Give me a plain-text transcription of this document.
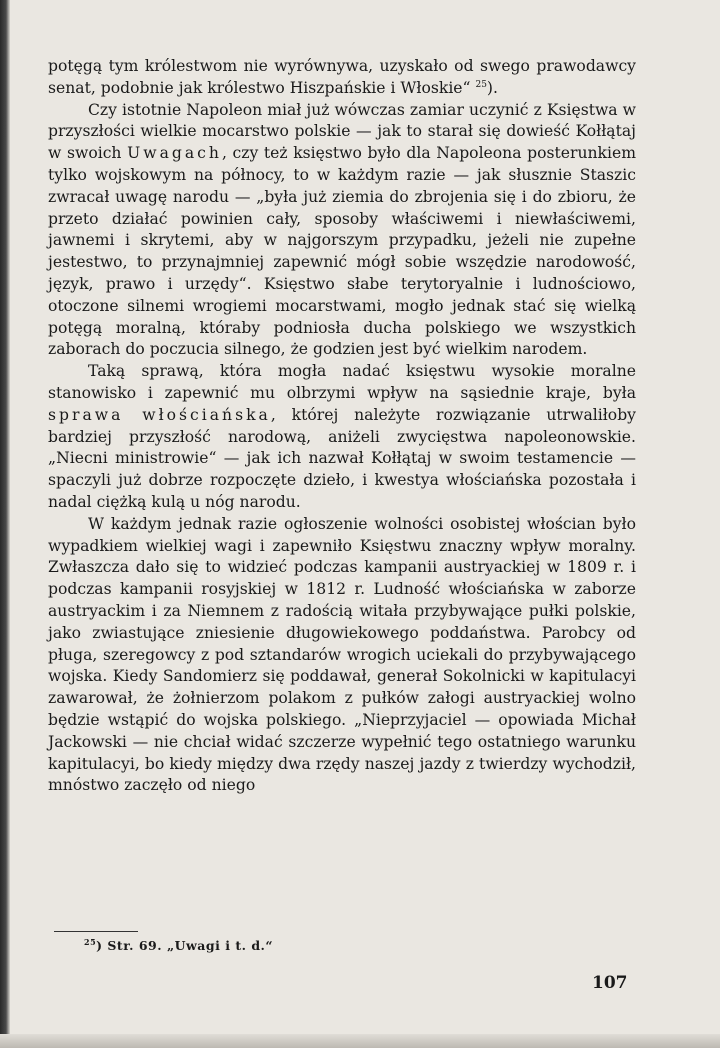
potęgą tym królestwom nie wyrównywa, uzyskało od swego prawodawcy senat, podobnie jak królestwo Hiszpańskie i Włoskie“ $^{25}$).

Czy istotnie Napoleon miał już wówczas zamiar uczynić z Księstwa w przyszłości wielkie mocarstwo polskie — jak to starał się dowieść Kołłątaj w swoich Uwagach, czy też księstwo było dla Napoleona posterunkiem tylko wojskowym na północy, to w każdym razie — jak słusznie Staszic zwracał uwagę narodu — „była już ziemia do zbrojenia się i do zbioru, że przeto działać powinien cały, sposoby właściwemi i niewłaściwemi, jawnemi i skrytemi, aby w najgorszym przypadku, jeżeli nie zupełne jestestwo, to przynajmniej zapewnić mógł sobie wszędzie narodowość, język, prawo i urzędy“. Księstwo słabe terytoryalnie i ludnościowo, otoczone silnemi wrogiemi mocarstwami, mogło jednak stać się wielką potęgą moralną, któraby podniosła ducha polskiego we wszystkich zaborach do poczucia silnego, że godzien jest być wielkim narodem.

Taką sprawą, która mogła nadać księstwu wysokie moralne stanowisko i zapewnić mu olbrzymi wpływ na sąsiednie kraje, była sprawa włościańska, której należyte rozwiązanie utrwaliłoby bardziej przyszłość narodową, aniżeli zwycięstwa napoleonowskie. „Niecni ministrowie“ — jak ich nazwał Kołłątaj w swoim testamencie — spaczyli już dobrze rozpoczęte dzieło, i kwestya włościańska pozostała i nadal ciężką kulą u nóg narodu.

W każdym jednak razie ogłoszenie wolności osobistej włościan było wypadkiem wielkiej wagi i zapewniło Księstwu znaczny wpływ moralny. Zwłaszcza dało się to widzieć podczas kampanii austryackiej w 1809 r. i podczas kampanii rosyjskiej w 1812 r. Ludność włościańska w zaborze austryackim i za Niemnem z radością witała przybywające pułki polskie, jako zwiastujące zniesienie długowiekowego poddaństwa. Parobcy od pługa, szeregowcy z pod sztandarów wrogich uciekali do przybywającego wojska. Kiedy Sandomierz się poddawał, generał Sokolnicki w kapitulacyi zawarował, że żołnierzom polakom z pułków załogi austryackiej wolno będzie wstąpić do wojska polskiego. „Nieprzyjaciel — opowiada Michał Jackowski — nie chciał widać szczerze wypełnić tego ostatniego warunku kapitulacyi, bo kiedy między dwa rzędy naszej jazdy z twierdzy wychodził, mnóstwo zaczęło od niego

$^{25}$) Str. 69. „Uwagi i t. d.“
107
